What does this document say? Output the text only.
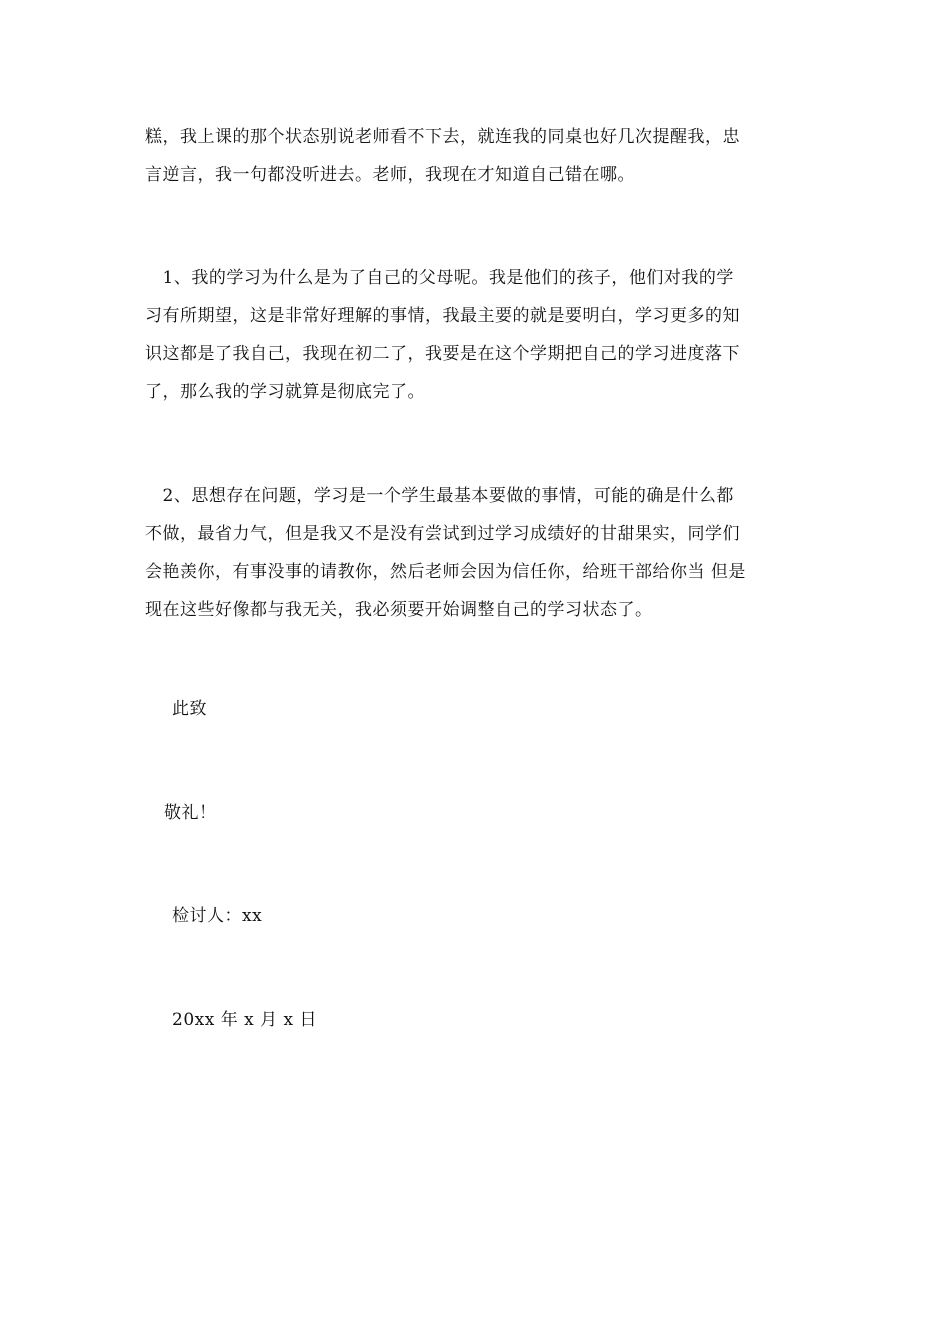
糕，我上课的那个状态别说老师看不下去，就连我的同桌也好几次提醒我，忠
言逆言，我一句都没听进去。老师，我现在才知道自己错在哪。

　1、我的学习为什么是为了自己的父母呢。我是他们的孩子，他们对我的学
习有所期望，这是非常好理解的事情，我最主要的就是要明白，学习更多的知
识这都是了我自己，我现在初二了，我要是在这个学期把自己的学习进度落下
了，那么我的学习就算是彻底完了。

　2、思想存在问题，学习是一个学生最基本要做的事情，可能的确是什么都
不做，最省力气，但是我又不是没有尝试到过学习成绩好的甘甜果实，同学们
会艳羡你，有事没事的请教你，然后老师会因为信任你，给班干部给你当 但是
现在这些好像都与我无关，我必须要开始调整自己的学习状态了。

此致

敬礼！

检讨人：xx

20xx 年 x 月 x 日
